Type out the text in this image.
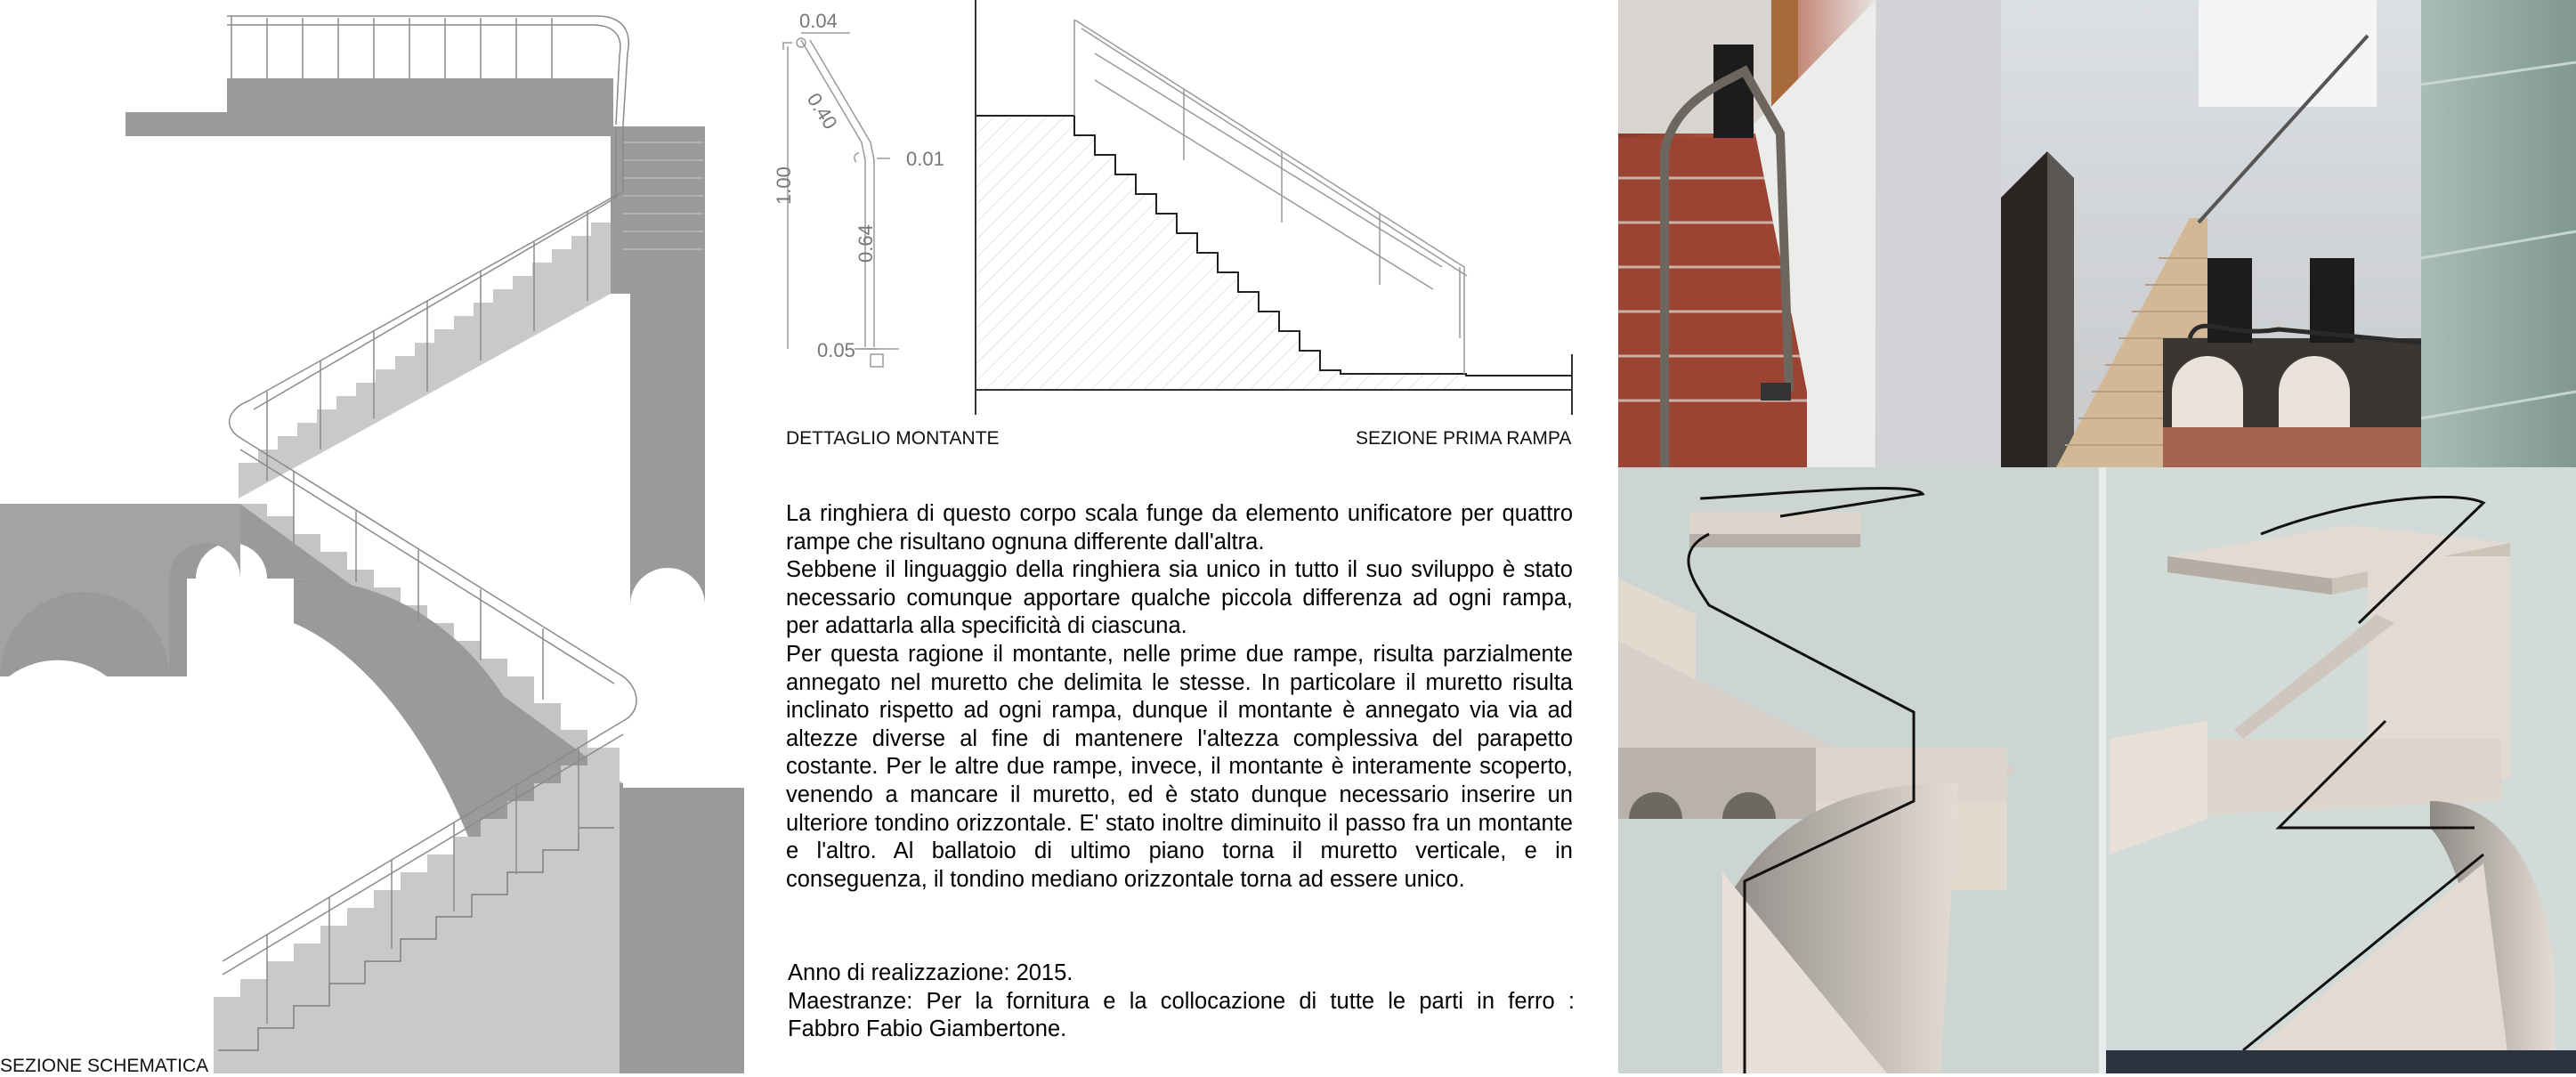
SEZIONE SCHEMATICA
DETTAGLIO MONTANTE	SEZIONE PRIMA RAMPA
0.04
0.40
1.00
0.01
0.64
0.05

La ringhiera di questo corpo scala funge da elemento unificatore per quattro rampe che risultano ognuna differente dall'altra.

Sebbene il linguaggio della ringhiera sia unico in tutto il suo sviluppo è stato necessario comunque apportare qualche piccola differenza ad ogni rampa, per adattarla alla specificità di ciascuna.

Per questa ragione il montante, nelle prime due rampe, risulta parzialmente annegato nel muretto che delimita le stesse. In particolare il muretto risulta inclinato rispetto ad ogni rampa, dunque il montante è annegato via via ad altezze diverse al fine di mantenere l'altezza complessiva del parapetto costante. Per le altre due rampe, invece, il montante è interamente scoperto, venendo a mancare il muretto, ed è stato dunque necessario inserire un ulteriore tondino orizzontale. E' stato inoltre diminuito il passo fra un montante e l'altro. Al ballatoio di ultimo piano torna il muretto verticale, e in conseguenza, il tondino mediano orizzontale torna ad essere unico.

Anno di realizzazione: 2015.

Maestranze: Per la fornitura e la collocazione di tutte le parti in ferro :

Fabbro Fabio Giambertone.
